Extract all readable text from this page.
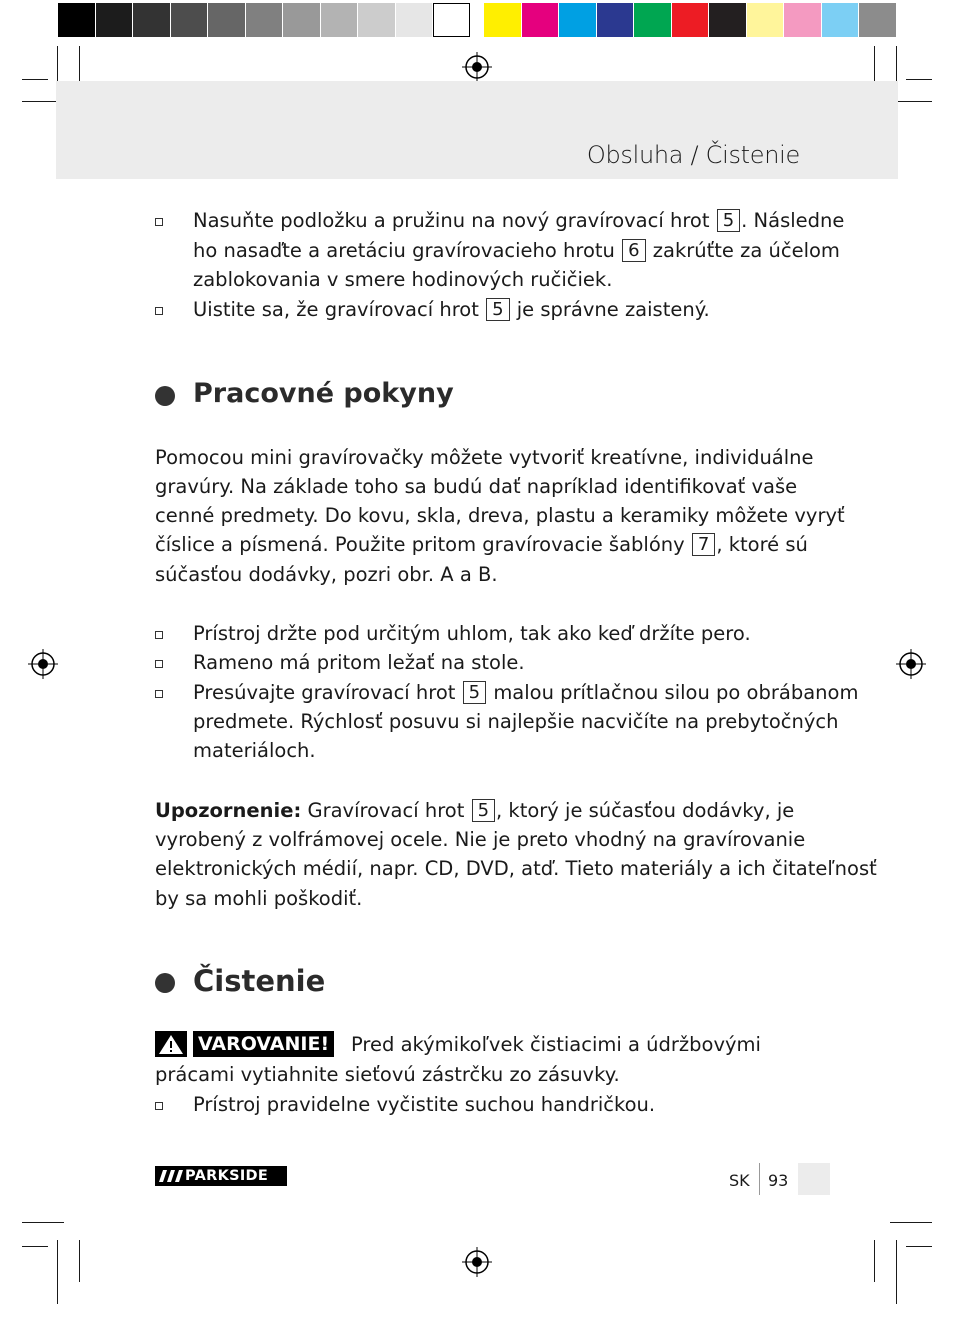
Obsluha / Čistenie
Nasuňte podložku a pružinu na nový gravírovací hrot 5 . Následne
ho nasaďte a aretáciu gravírovacieho hrotu 6 zakrúťte za účelom
zablokovania v smere hodinových ručičiek.
Uistite sa, že gravírovací hrot 5 je správne zaistený.
Pracovné pokyny
Pomocou mini gravírovačky môžete vytvoriť kreatívne, individuálne
gravúry. Na základe toho sa budú dať napríklad identifikovať vaše
cenné predmety. Do kovu, skla, dreva, plastu a keramiky môžete vyryť
číslice a písmená. Použite pritom gravírovacie šablóny 7 , ktoré sú
súčasťou dodávky, pozri obr. A a B.
Prístroj držte pod určitým uhlom, tak ako keď držíte pero.
Rameno má pritom ležať na stole.
Presúvajte gravírovací hrot 5 malou prítlačnou silou po obrábanom
predmete. Rýchlosť posuvu si najlepšie nacvičíte na prebytočných
materiáloch.
Upozornenie: Gravírovací hrot 5 , ktorý je súčasťou dodávky, je
vyrobený z volfrámovej ocele. Nie je preto vhodný na gravírovanie
elektronických médií, napr. CD, DVD, atď. Tieto materiály a ich čitateľnosť
by sa mohli poškodiť.
Čistenie
VAROVANIE! Pred akýmikoľvek čistiacimi a údržbovými
prácami vytiahnite sieťovú zástrčku zo zásuvky.
Prístroj pravidelne vyčistite suchou handričkou.
PARKSIDE	SK 93
